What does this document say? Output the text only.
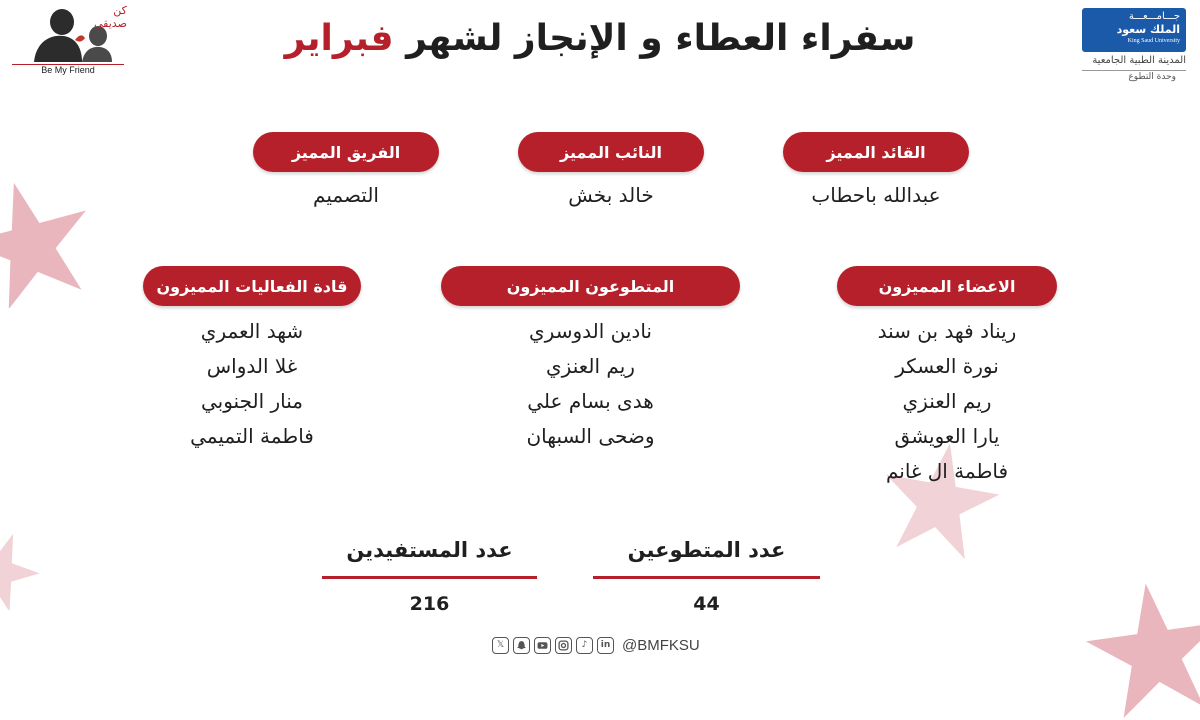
كن صديقي
Be My Friend
جـــامـــعـــة
الملك سعود
King Saud University
المدينة الطبية الجامعية
وحدة التطوع
سفراء العطاء و الإنجاز لشهر فبراير
القائد المميز
عبدالله باحطاب
النائب المميز
خالد بخش
الفريق المميز
التصميم
الاعضاء المميزون
ريناد فهد بن سند
نورة العسكر
ريم العنزي
يارا العويشق
فاطمة ال غانم
المتطوعون المميزون
نادين الدوسري
ريم العنزي
هدى بسام علي
وضحى السبهان
قادة الفعاليات المميزون
شهد العمري
غلا الدواس
منار الجنوبي
فاطمة التميمي
عدد المتطوعين
44
عدد المستفيدين
216
𝕏	♪	in @BMFKSU
